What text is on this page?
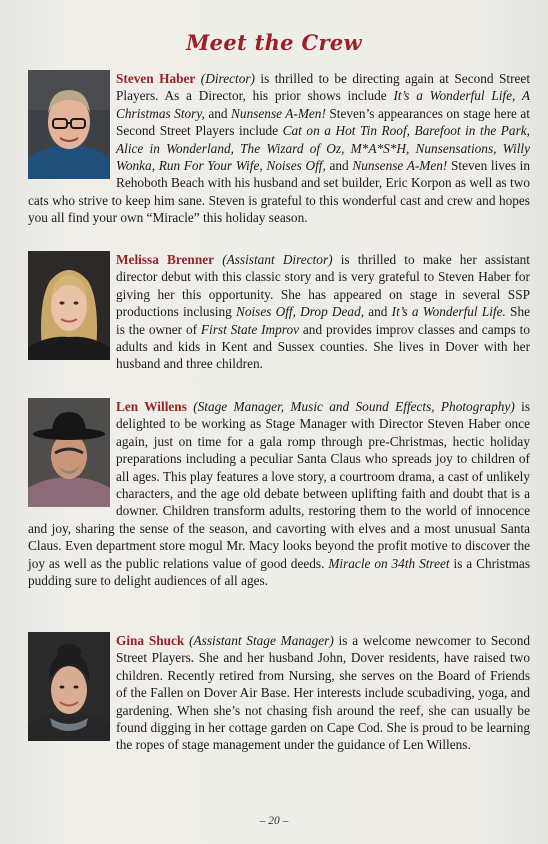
Meet the Crew

Steven Haber (Director) is thrilled to be directing again at Second Street Players. As a Director, his prior shows include It’s a Wonderful Life, A Christmas Story, and Nunsense A-Men! Steven’s appearances on stage here at Second Street Players include Cat on a Hot Tin Roof, Barefoot in the Park, Alice in Wonderland, The Wizard of Oz, M*A*S*H, Nunsensations, Willy Wonka, Run For Your Wife, Noises Off, and Nunsense A-Men! Steven lives in Rehoboth Beach with his husband and set builder, Eric Korpon as well as two cats who strive to keep him sane. Steven is grateful to this wonderful cast and crew and hopes you all find your own “Miracle” this holiday season.

Melissa Brenner (Assistant Director) is thrilled to make her assistant director debut with this classic story and is very grateful to Steven Haber for giving her this opportunity. She has appeared on stage in several SSP productions inclusing Noises Off, Drop Dead, and It’s a Wonderful Life. She is the owner of First State Improv and provides improv classes and camps to adults and kids in Kent and Sussex counties. She lives in Dover with her husband and three children.

Len Willens (Stage Manager, Music and Sound Effects, Photography) is delighted to be working as Stage Manager with Director Steven Haber once again, just on time for a gala romp through pre-Christmas, hectic holiday preparations including a peculiar Santa Claus who spreads joy to children of all ages. This play features a love story, a courtroom drama, a cast of unlikely characters, and the age old debate between uplifting faith and doubt that is a downer. Children transform adults, restoring them to the world of innocence and joy, sharing the sense of the season, and cavorting with elves and a most unusual Santa Claus. Even department store mogul Mr. Macy looks beyond the profit motive to discover the joy as well as the public relations value of good deeds. Miracle on 34th Street is a Christmas pudding sure to delight audiences of all ages.

Gina Shuck (Assistant Stage Manager) is a welcome newcomer to Second Street Players. She and her husband John, Dover residents, have raised two children. Recently retired from Nursing, she serves on the Board of Friends of the Fallen on Dover Air Base. Her interests include scubadiving, yoga, and gardening. When she’s not chasing fish around the reef, she can usually be found digging in her cottage garden on Cape Cod. She is proud to be learning the ropes of stage management under the guidance of Len Willens.

– 20 –
